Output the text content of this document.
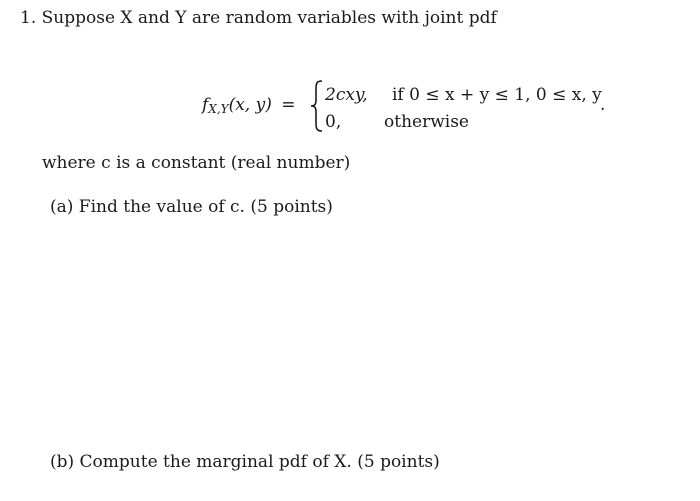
1. Suppose X and Y are random variables with joint pdf
$f_{X,Y}(x$, y) = 2cxy, if 0 ≤ x + y ≤ 1, 0 ≤ x, y
0,	otherwise
.
where c is a constant (real number)
(a) Find the value of c. (5 points)
(b) Compute the marginal pdf of X. (5 points)
